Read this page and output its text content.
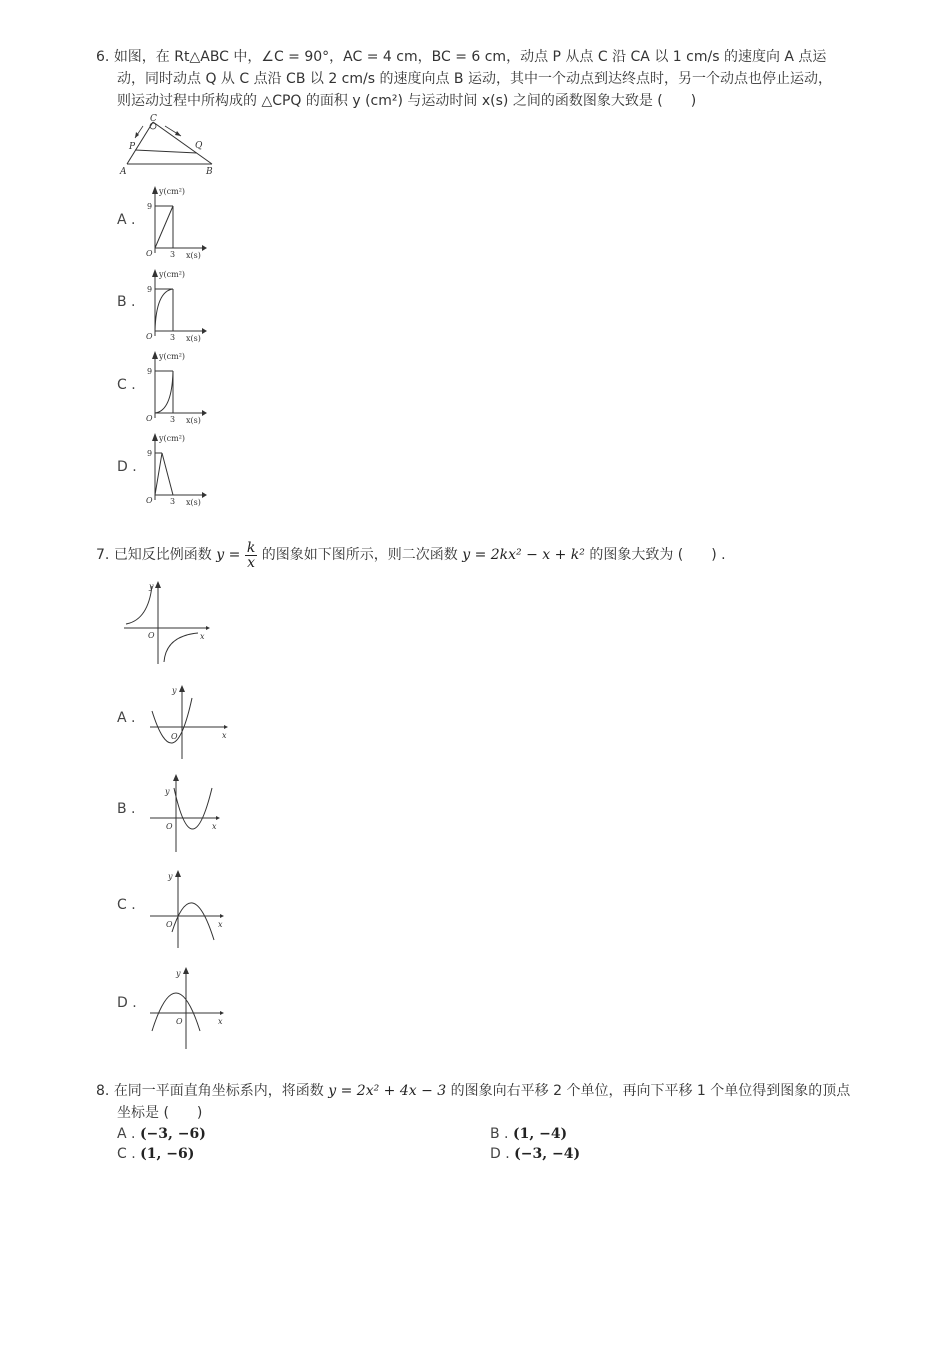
6. 如图，在 Rt△ABC 中，∠C = 90°，AC = 4 cm，BC = 6 cm，动点 P 从点 C 沿 CA 以 1 cm/s 的速度向 A 点运
动，同时动点 Q 从 C 点沿 CB 以 2 cm/s 的速度向点 B 运动，其中一个动点到达终点时，另一个动点也停止运动，
则运动过程中所构成的 △CPQ 的面积 y (cm²) 与运动时间 x(s) 之间的函数图象大致是 (　　)
C
P	Q
A	B
A .
B .
C .
D .
y(cm²)
9
O 3 x(s)
y(cm²)
9
O 3 x(s)
y(cm²)
9
O 3 x(s)
y(cm²)
9
O 3 x(s)
7. 已知反比例函数 $y = \frac{k}{x}$ 的图象如下图所示，则二次函数 y = 2kx² − x + k² 的图象大致为 (　　) .
y
O	x
A .
B .
C .
D .
y
O	x
y
O	x
y
O	x
y
O	x
8. 在同一平面直角坐标系内，将函数 y = 2x² + 4x − 3 的图象向右平移 2 个单位，再向下平移 1 个单位得到图象的顶点
坐标是 (　　)
A . (−3, −6)	B . (1, −4)
C . (1, −6)	D . (−3, −4)
